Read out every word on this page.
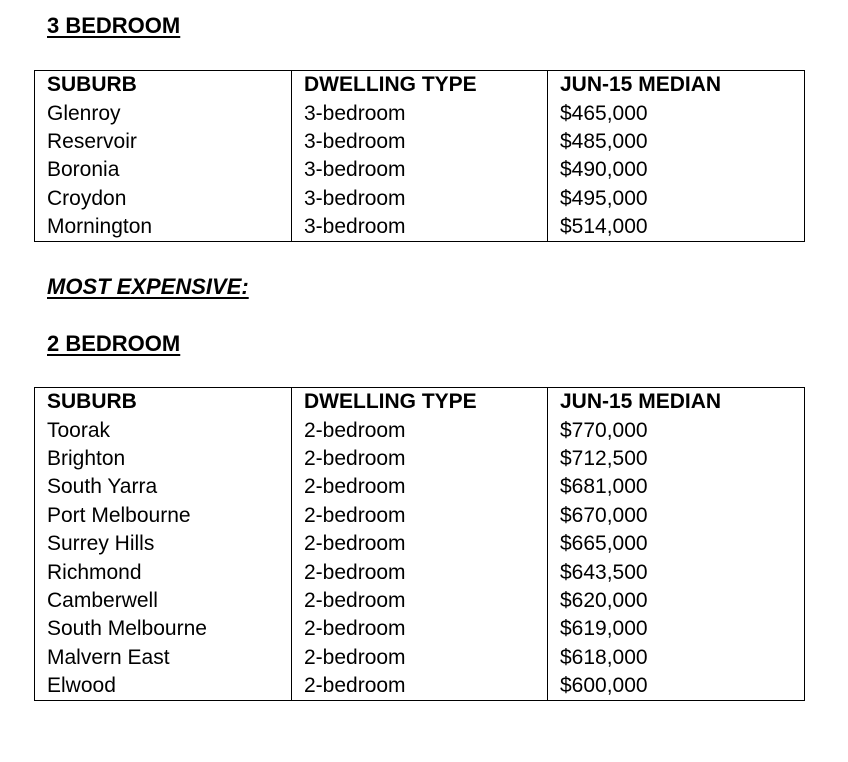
3 BEDROOM
SUBURB	DWELLING TYPE	JUN-15 MEDIAN
Glenroy	3-bedroom	$465,000
Reservoir	3-bedroom	$485,000
Boronia	3-bedroom	$490,000
Croydon	3-bedroom	$495,000
Mornington	3-bedroom	$514,000
MOST EXPENSIVE:
2 BEDROOM
SUBURB	DWELLING TYPE	JUN-15 MEDIAN
Toorak	2-bedroom	$770,000
Brighton	2-bedroom	$712,500
South Yarra	2-bedroom	$681,000
Port Melbourne	2-bedroom	$670,000
Surrey Hills	2-bedroom	$665,000
Richmond	2-bedroom	$643,500
Camberwell	2-bedroom	$620,000
South Melbourne	2-bedroom	$619,000
Malvern East	2-bedroom	$618,000
Elwood	2-bedroom	$600,000
